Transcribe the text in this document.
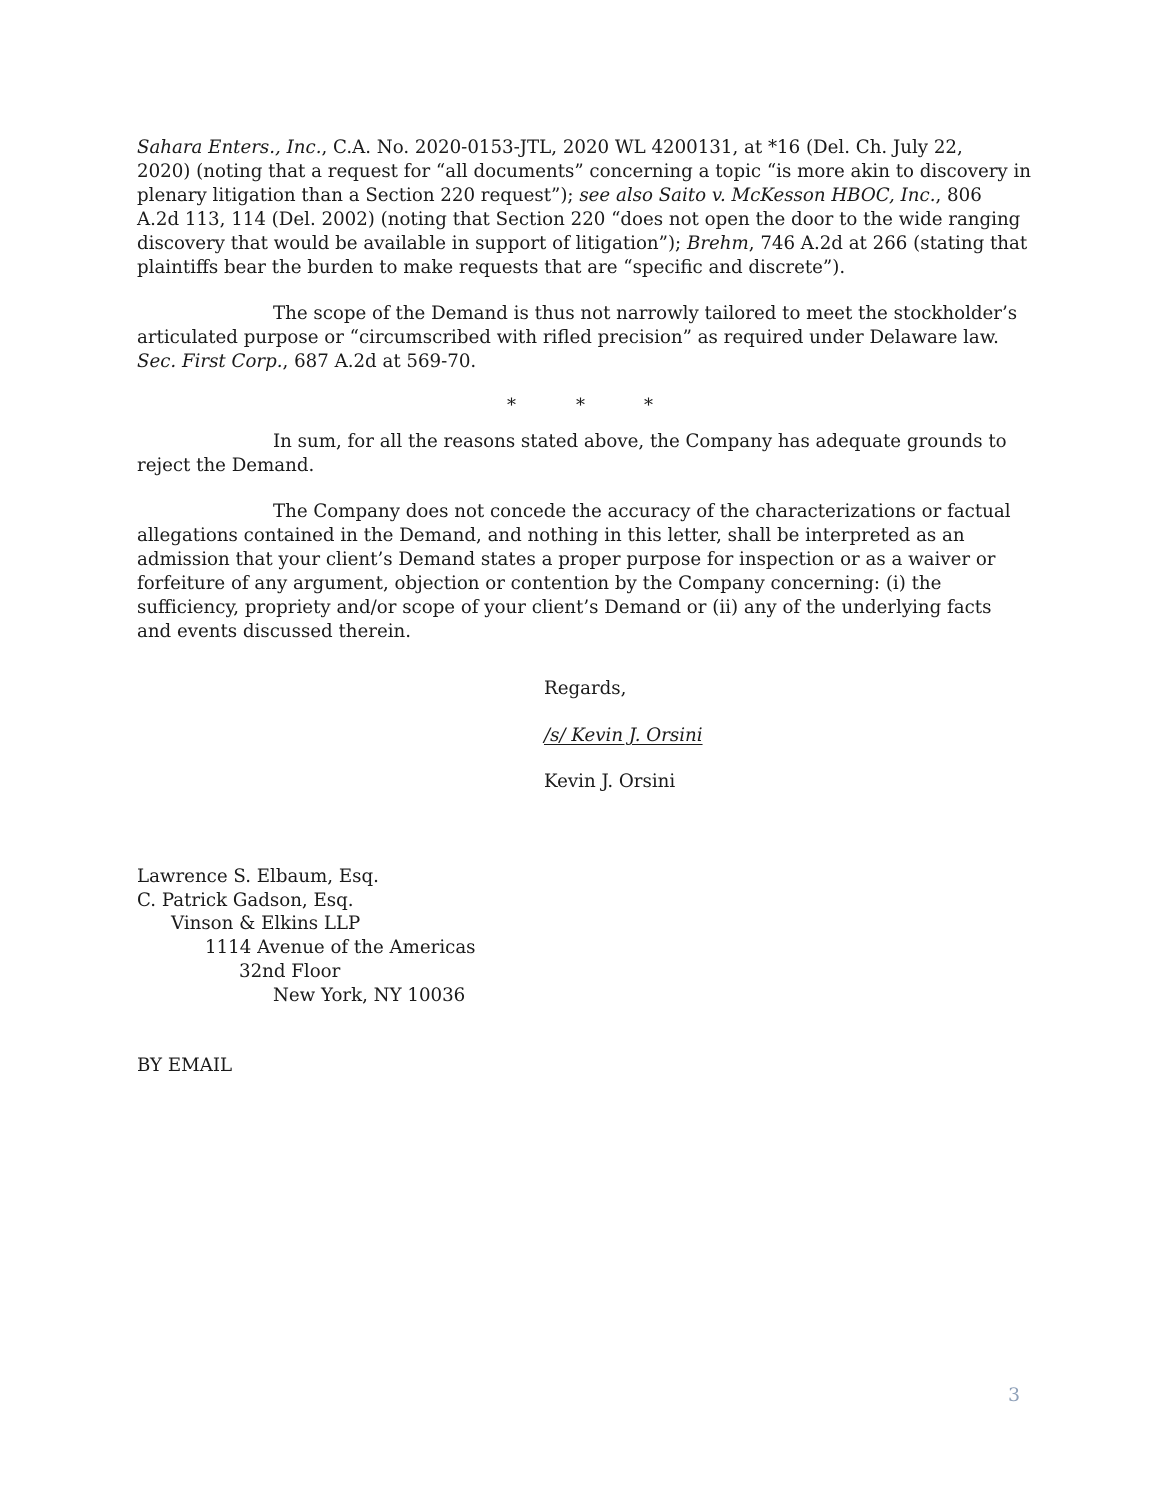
Sahara Enters., Inc., C.A. No. 2020-0153-JTL, 2020 WL 4200131, at *16 (Del. Ch. July 22,
2020) (noting that a request for “all documents” concerning a topic “is more akin to discovery in
plenary litigation than a Section 220 request”); see also Saito v. McKesson HBOC, Inc., 806
A.2d 113, 114 (Del. 2002) (noting that Section 220 “does not open the door to the wide ranging
discovery that would be available in support of litigation”); Brehm, 746 A.2d at 266 (stating that
plaintiffs bear the burden to make requests that are “specific and discrete”).
The scope of the Demand is thus not narrowly tailored to meet the stockholder’s
articulated purpose or “circumscribed with rifled precision” as required under Delaware law.
Sec. First Corp., 687 A.2d at 569-70.
*	*	*
In sum, for all the reasons stated above, the Company has adequate grounds to
reject the Demand.
The Company does not concede the accuracy of the characterizations or factual
allegations contained in the Demand, and nothing in this letter, shall be interpreted as an
admission that your client’s Demand states a proper purpose for inspection or as a waiver or
forfeiture of any argument, objection or contention by the Company concerning: (i) the
sufficiency, propriety and/or scope of your client’s Demand or (ii) any of the underlying facts
and events discussed therein.
Regards,
/s/ Kevin J. Orsini
Kevin J. Orsini
Lawrence S. Elbaum, Esq.
C. Patrick Gadson, Esq.
Vinson & Elkins LLP
1114 Avenue of the Americas
32nd Floor
New York, NY 10036
BY EMAIL
3
